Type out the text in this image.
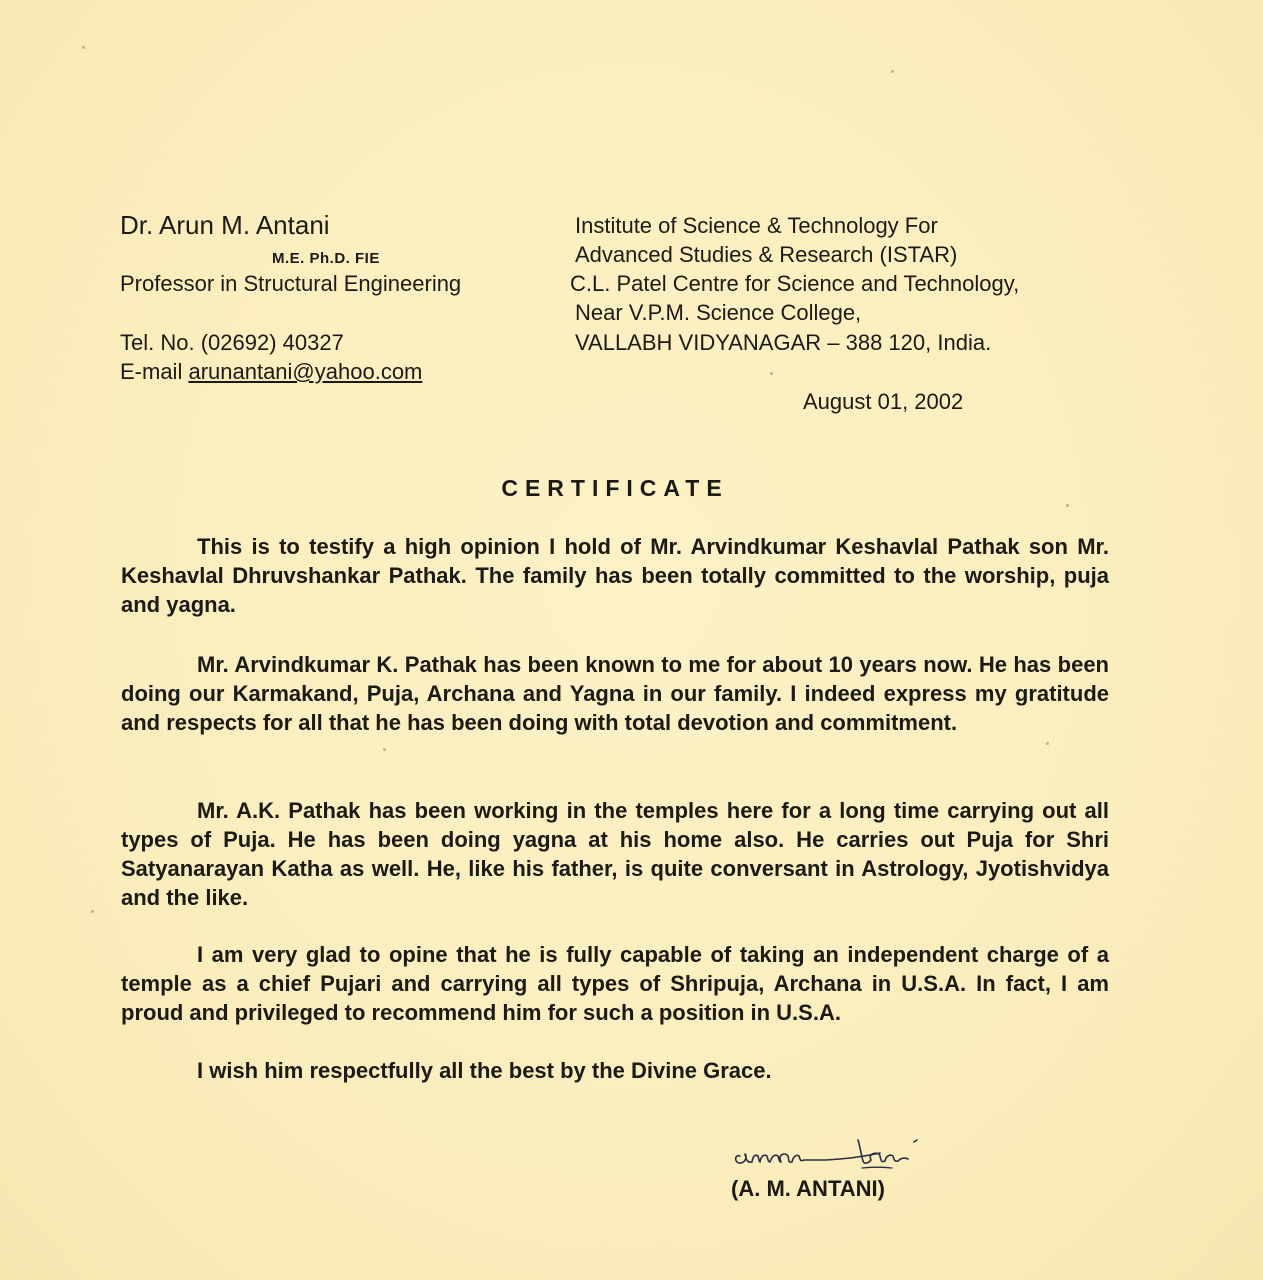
Dr. Arun M. Antani
M.E. Ph.D. FIE
Professor in Structural Engineering
Tel. No. (02692) 40327
E-mail arunantani@yahoo.com
Institute of Science & Technology For
Advanced Studies & Research (ISTAR)
C.L. Patel Centre for Science and Technology,
Near V.P.M. Science College,
VALLABH VIDYANAGAR – 388 120, India.
August 01, 2002
CERTIFICATE
This is to testify a high opinion I hold of Mr. Arvindkumar Keshavlal Pathak son Mr. Keshavlal Dhruvshankar Pathak. The family has been totally committed to the worship, puja and yagna.
Mr. Arvindkumar K. Pathak has been known to me for about 10 years now. He has been doing our Karmakand, Puja, Archana and Yagna in our family. I indeed express my gratitude and respects for all that he has been doing with total devotion and commitment.
Mr. A.K. Pathak has been working in the temples here for a long time carrying out all types of Puja. He has been doing yagna at his home also. He carries out Puja for Shri Satyanarayan Katha as well. He, like his father, is quite conversant in Astrology, Jyotishvidya and the like.
I am very glad to opine that he is fully capable of taking an independent charge of a temple as a chief Pujari and carrying all types of Shripuja, Archana in U.S.A. In fact, I am proud and privileged to recommend him for such a position in U.S.A.
I wish him respectfully all the best by the Divine Grace.
(A. M. ANTANI)
